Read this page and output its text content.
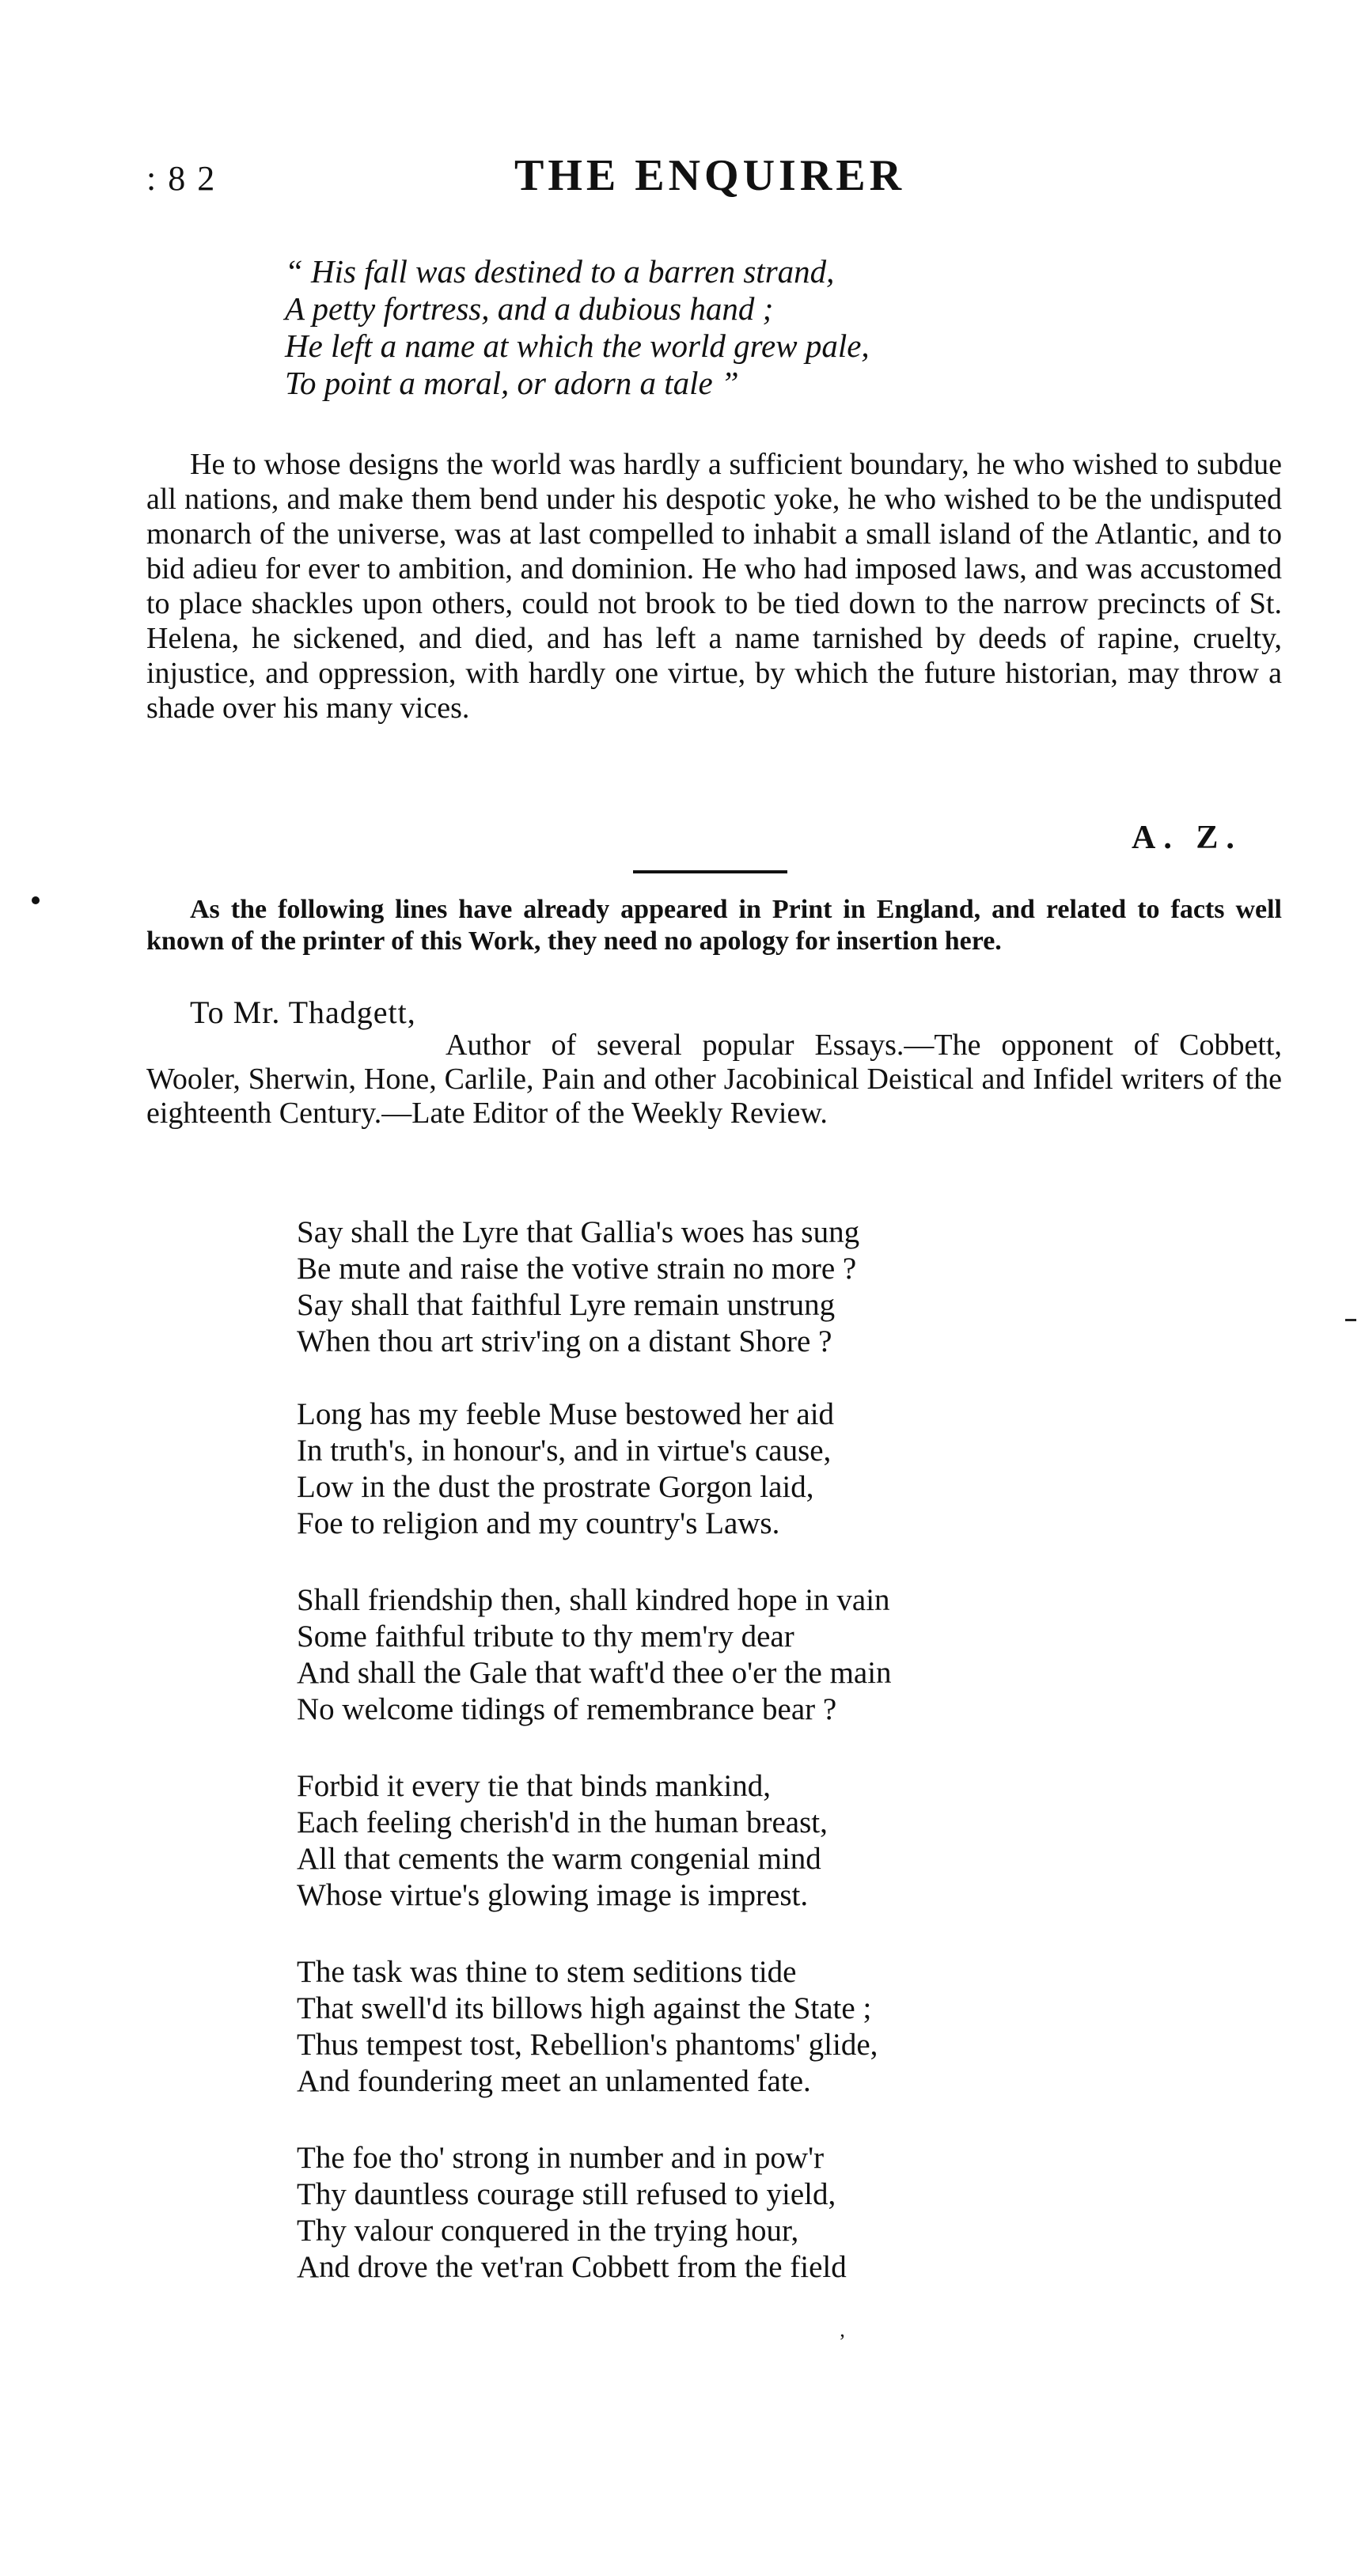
: 8 2	THE ENQUIRER
“ His fall was destined to a barren strand,
A petty fortress, and a dubious hand ;
He left a name at which the world grew pale,
To point a moral, or adorn a tale ”
He to whose designs the world was hardly a sufficient boundary, he who wished to subdue all nations, and make them bend under his despotic yoke, he who wished to be the undisputed monarch of the universe, was at last compelled to inhabit a small island of the Atlantic, and to bid adieu for ever to ambition, and dominion. He who had imposed laws, and was accustomed to place shackles upon others, could not brook to be tied down to the narrow precincts of St. Helena, he sickened, and died, and has left a name tarnished by deeds of rapine, cruelty, injustice, and oppression, with hardly one virtue, by which the future historian, may throw a shade over his many vices.
A. Z.
As the following lines have already appeared in Print in England, and related to facts well known of the printer of this Work, they need no apology for insertion here.
To Mr. Thadgett,
Author of several popular Essays.—The opponent of Cobbett, Wooler, Sherwin, Hone, Carlile, Pain and other Jacobinical Deistical and Infidel writers of the eighteenth Century.—Late Editor of the Weekly Review.
Say shall the Lyre that Gallia's woes has sung
Be mute and raise the votive strain no more ?
Say shall that faithful Lyre remain unstrung
When thou art striv'ing on a distant Shore ?
Long has my feeble Muse bestowed her aid
In truth's, in honour's, and in virtue's cause,
Low in the dust the prostrate Gorgon laid,
Foe to religion and my country's Laws.
Shall friendship then, shall kindred hope in vain
Some faithful tribute to thy mem'ry dear
And shall the Gale that waft'd thee o'er the main
No welcome tidings of remembrance bear ?
Forbid it every tie that binds mankind,
Each feeling cherish'd in the human breast,
All that cements the warm congenial mind
Whose virtue's glowing image is imprest.
The task was thine to stem seditions tide
That swell'd its billows high against the State ;
Thus tempest tost, Rebellion's phantoms' glide,
And foundering meet an unlamented fate.
The foe tho' strong in number and in pow'r
Thy dauntless courage still refused to yield,
Thy valour conquered in the trying hour,
And drove the vet'ran Cobbett from the field
’
